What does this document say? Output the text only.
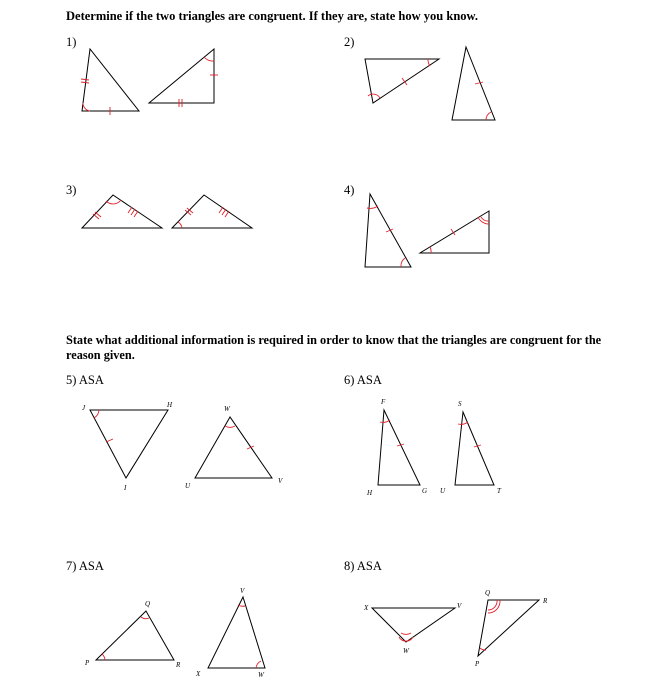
Determine if the two triangles are congruent. If they are, state how you know.
1)	2)
3)	4)
State what additional information is required in order to know that the triangles are congruent for the reason given.
5) ASA	6) ASA
7) ASA	8) ASA
J	H
I
W
U
V
F
H	G
S
U	T
Q
P	R
V
X	W
X	V
W
Q
R
P
